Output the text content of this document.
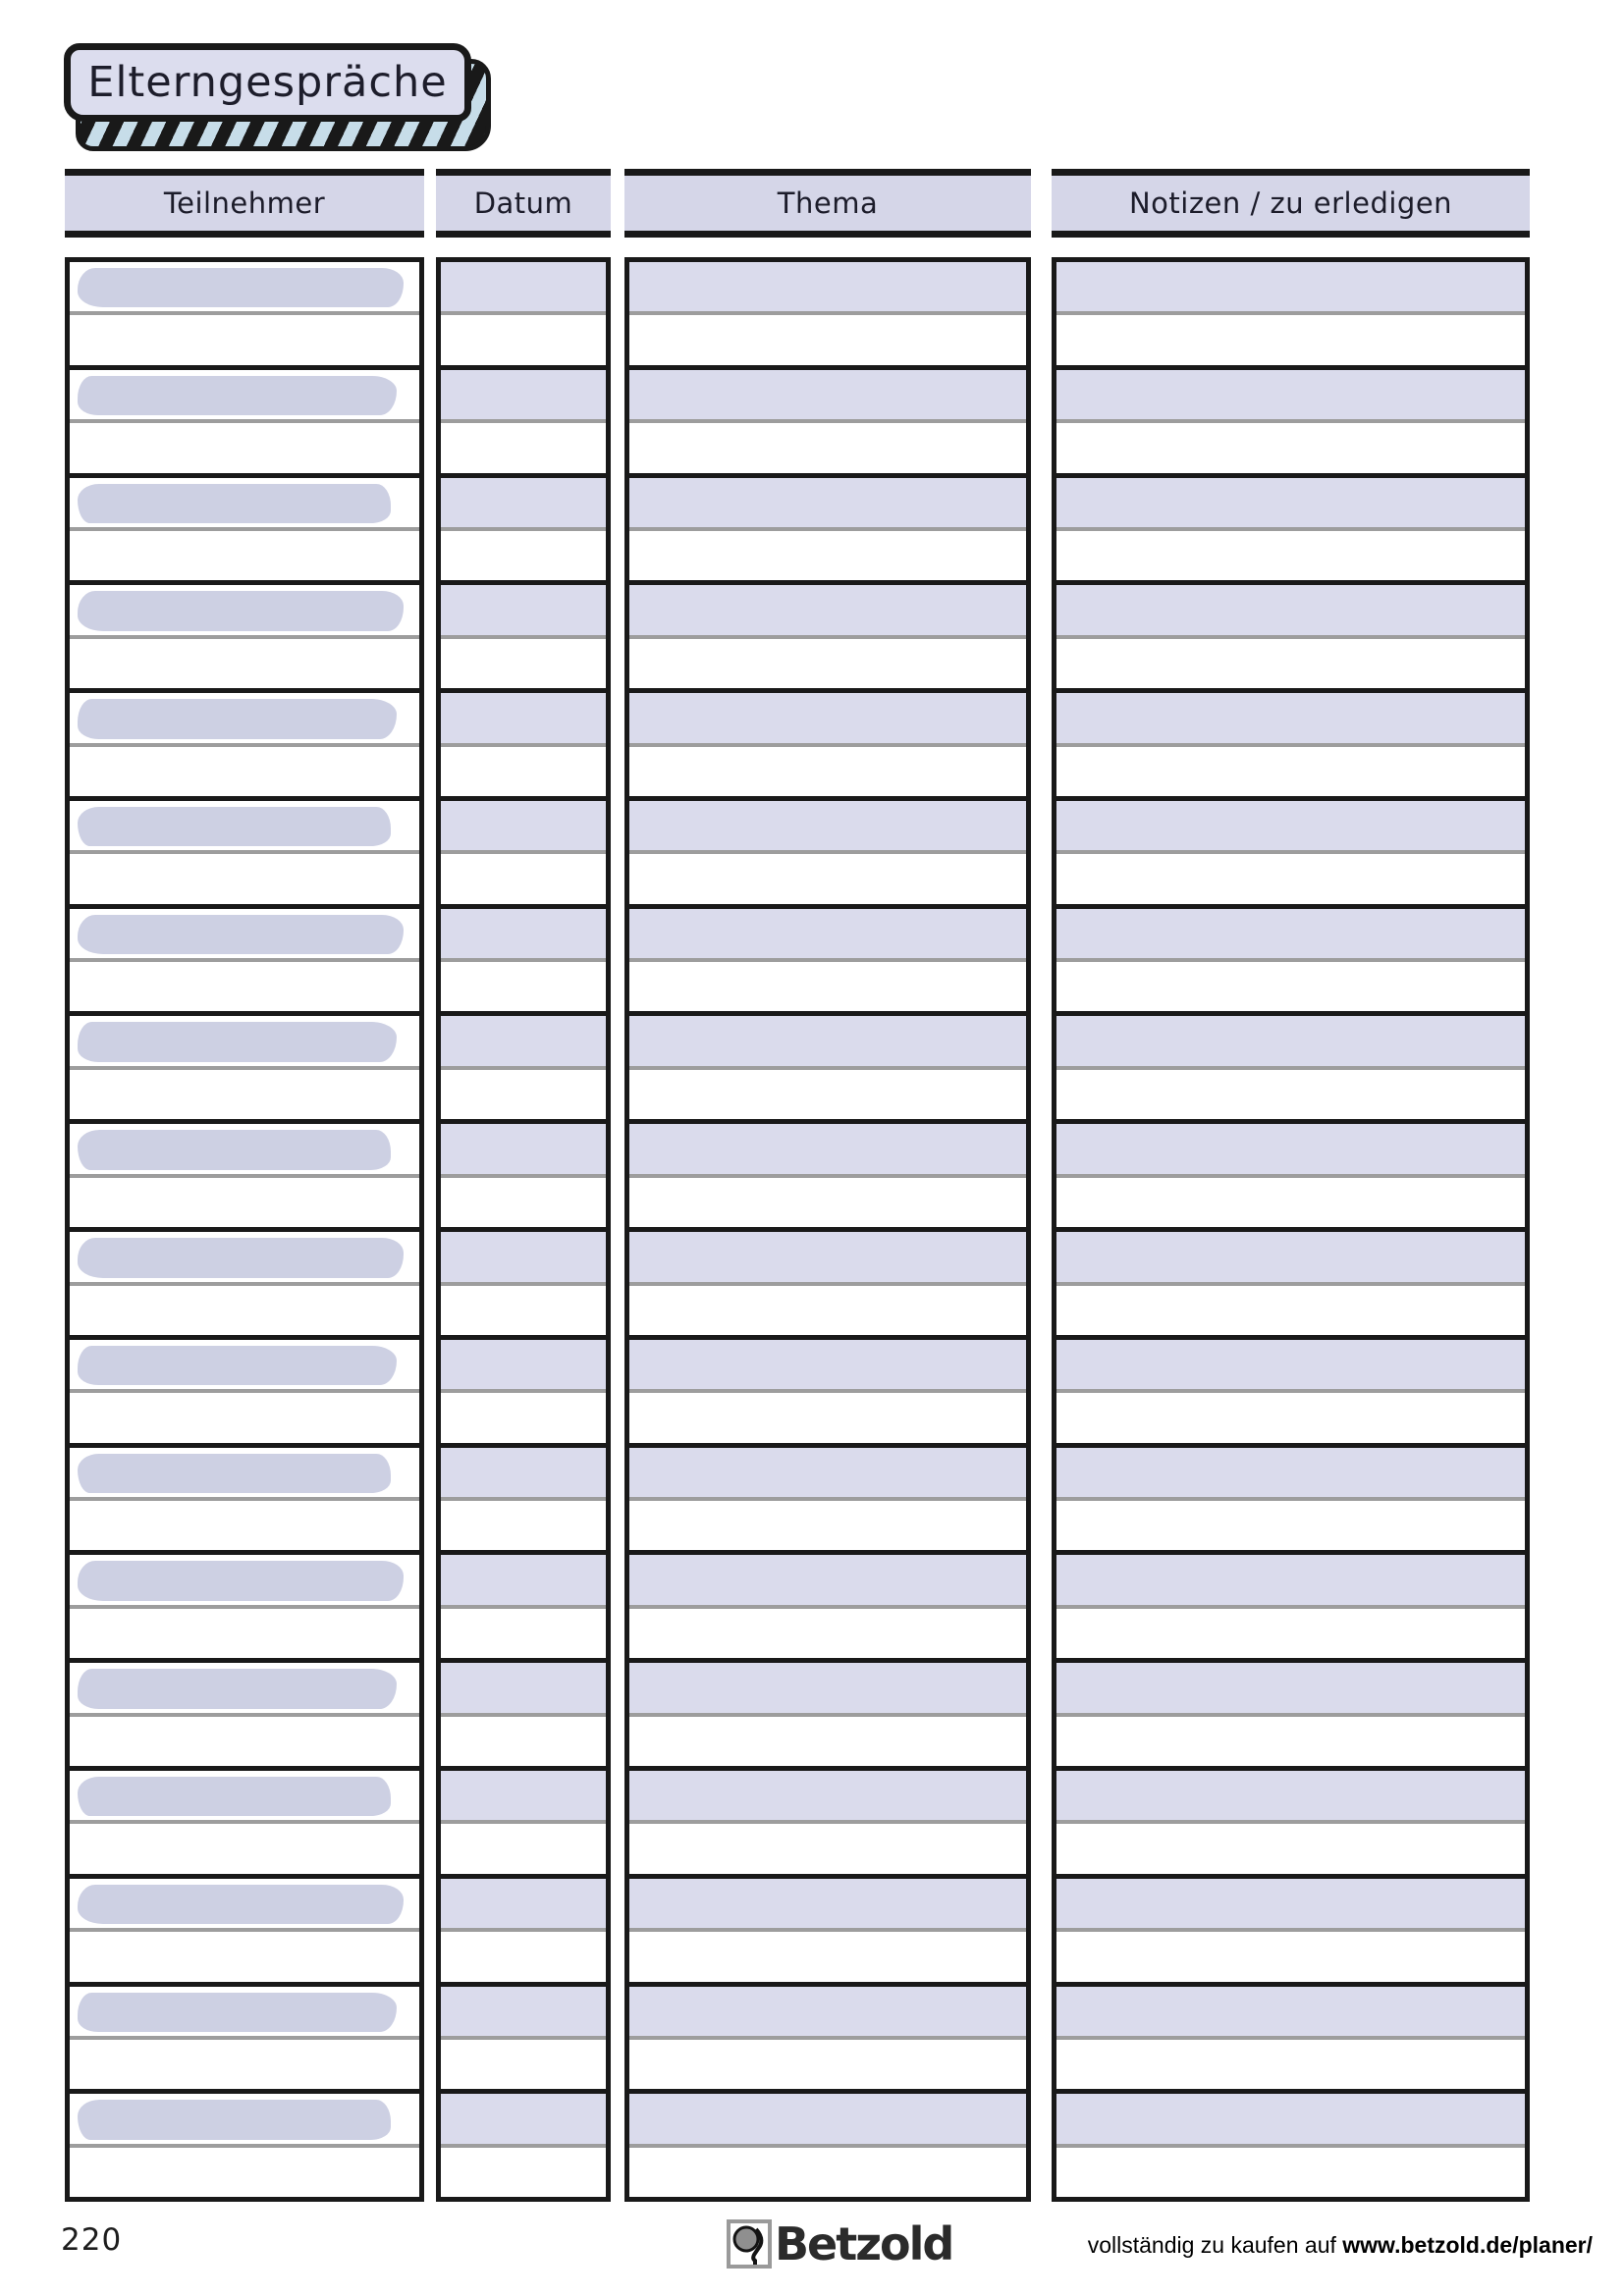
Elterngespräche
Teilnehmer	Datum	Thema	Notizen / zu erledigen
220	Betzold	vollständig zu kaufen auf www.betzold.de/planer/
